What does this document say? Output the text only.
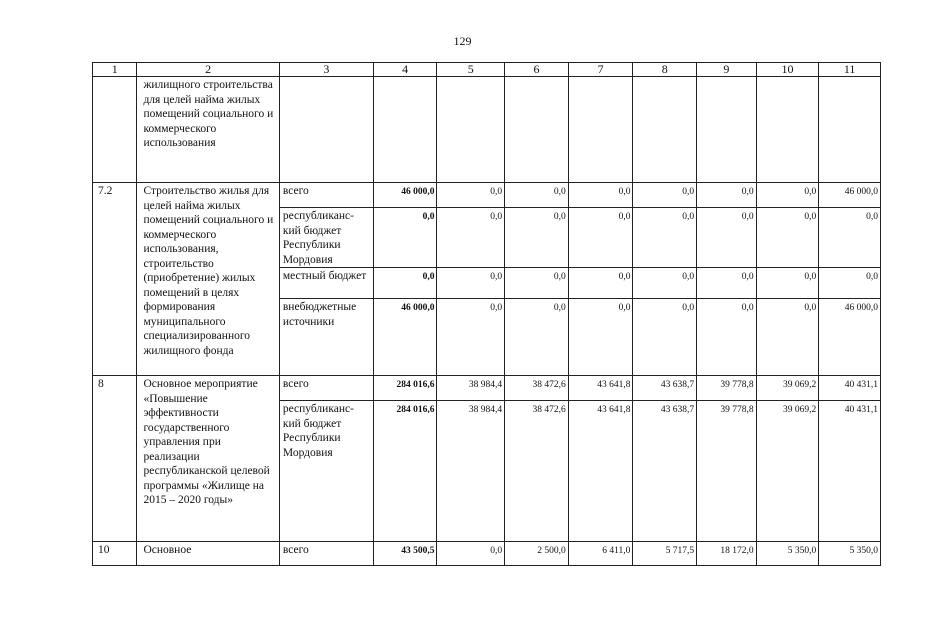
129
1	2	3	4	5	6	7	8	9	10	11
	жилищного строительства для целей найма жилых помещений социального и коммерческого использования									
7.2	Строительство жилья для целей найма жилых помещений социального и коммерческого использования, строительство (приобретение) жилых помещений в целях формирования муниципального специализированного жилищного фонда	всего	46 000,0	0,0	0,0	0,0	0,0	0,0	0,0	46 000,0
		республиканс-кий бюджет Республики Мордовия	0,0	0,0	0,0	0,0	0,0	0,0	0,0	0,0
		местный бюджет	0,0	0,0	0,0	0,0	0,0	0,0	0,0	0,0
		внебюджетные источники	46 000,0	0,0	0,0	0,0	0,0	0,0	0,0	46 000,0
8	Основное мероприятие «Повышение эффективности государственного управления при реализации республиканской целевой программы «Жилище на 2015 – 2020 годы»	всего	284 016,6	38 984,4	38 472,6	43 641,8	43 638,7	39 778,8	39 069,2	40 431,1
		республиканс-кий бюджет Республики Мордовия	284 016,6	38 984,4	38 472,6	43 641,8	43 638,7	39 778,8	39 069,2	40 431,1
10	Основное	всего	43 500,5	0,0	2 500,0	6 411,0	5 717,5	18 172,0	5 350,0	5 350,0
